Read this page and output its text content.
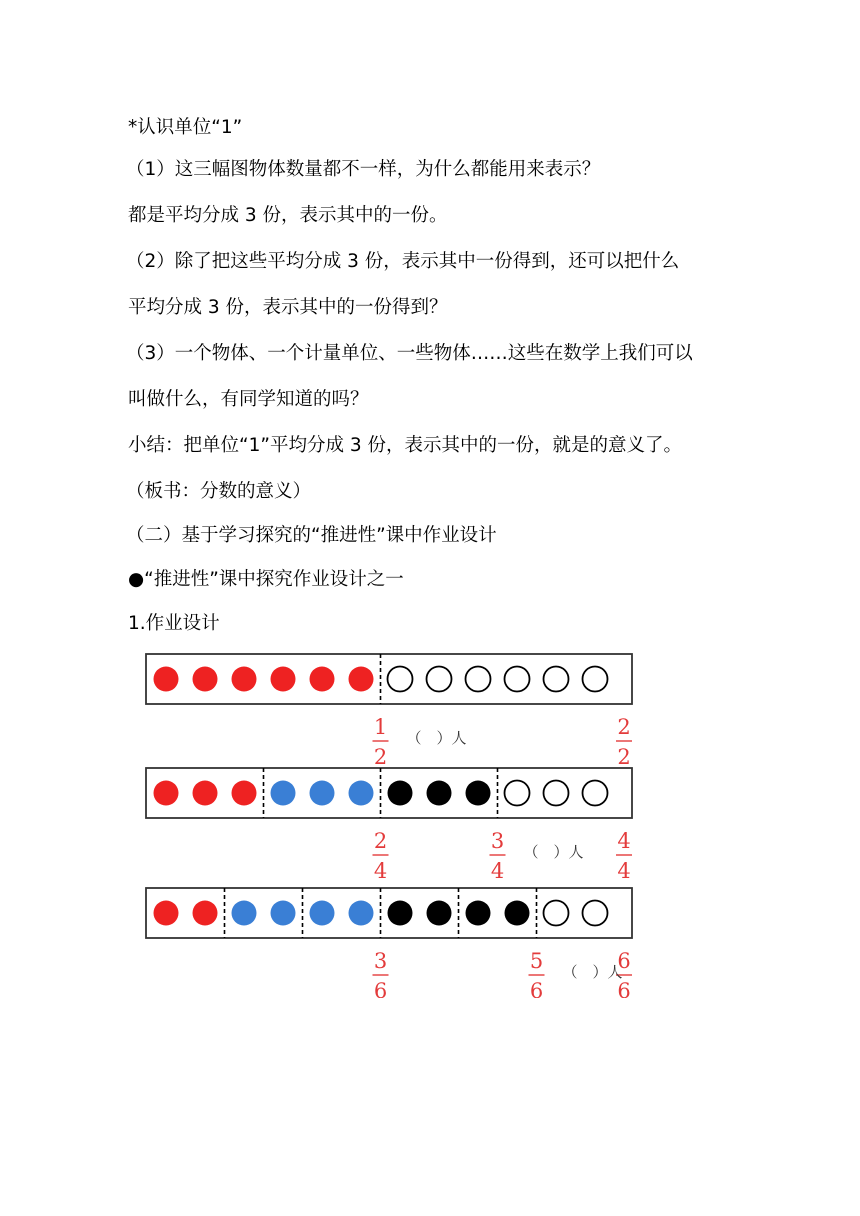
*认识单位“1”
（1）这三幅图物体数量都不一样，为什么都能用来表示？
都是平均分成 3 份，表示其中的一份。
（2）除了把这些平均分成 3 份，表示其中一份得到，还可以把什么
平均分成 3 份，表示其中的一份得到？
（3）一个物体、一个计量单位、一些物体……这些在数学上我们可以
叫做什么，有同学知道的吗？
小结：把单位“1”平均分成 3 份，表示其中的一份，就是的意义了。
（板书：分数的意义）
（二）基于学习探究的“推进性”课中作业设计
●“推进性”课中探究作业设计之一
1.作业设计
1
2
2
2
（　）人
2
4
3
4
4
4
（　）人
3
6
5
6
6
6
（　）人
